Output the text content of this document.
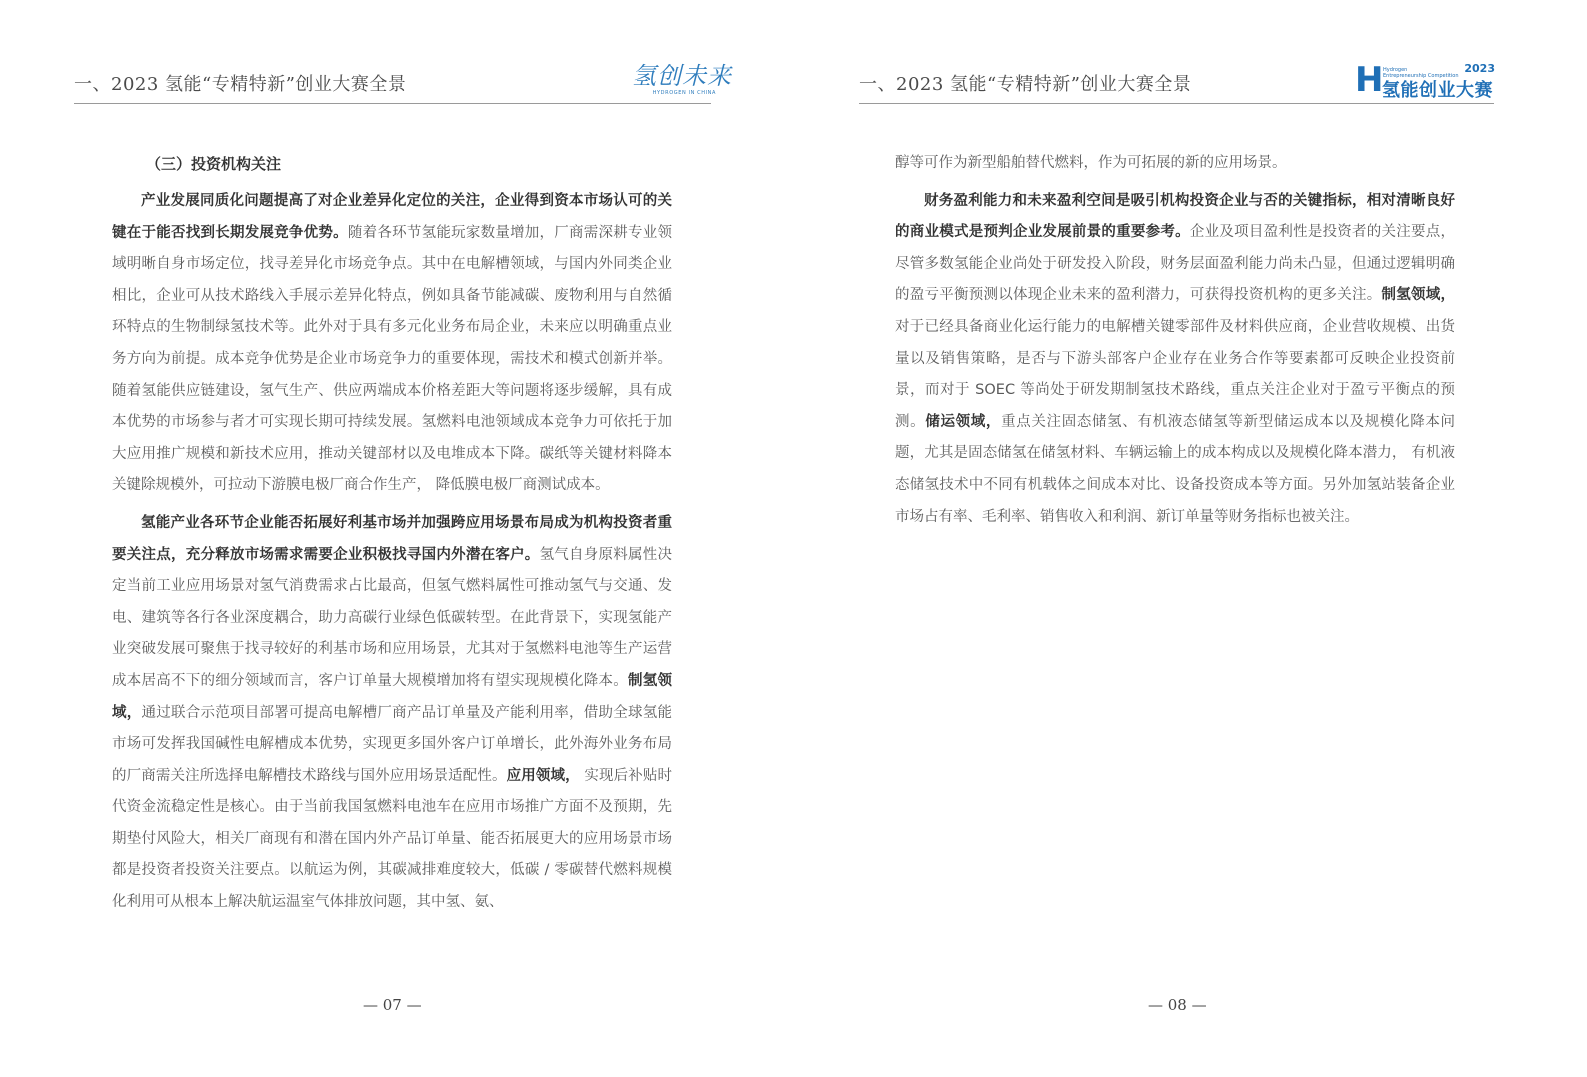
一、2023 氢能“专精特新”创业大赛全景	氢创未来
HYDROGEN IN CHINA
（三）投资机构关注

产业发展同质化问题提高了对企业差异化定位的关注，企业得到资本市场认可的关键在于能否找到长期发展竞争优势。随着各环节氢能玩家数量增加，厂商需深耕专业领域明晰自身市场定位，找寻差异化市场竞争点。其中在电解槽领域，与国内外同类企业相比，企业可从技术路线入手展示差异化特点，例如具备节能减碳、废物利用与自然循环特点的生物制绿氢技术等。此外对于具有多元化业务布局企业，未来应以明确重点业务方向为前提。成本竞争优势是企业市场竞争力的重要体现，需技术和模式创新并举。随着氢能供应链建设，氢气生产、供应两端成本价格差距大等问题将逐步缓解，具有成本优势的市场参与者才可实现长期可持续发展。氢燃料电池领域成本竞争力可依托于加大应用推广规模和新技术应用，推动关键部材以及电堆成本下降。碳纸等关键材料降本关键除规模外，可拉动下游膜电极厂商合作生产， 降低膜电极厂商测试成本。

氢能产业各环节企业能否拓展好利基市场并加强跨应用场景布局成为机构投资者重要关注点，充分释放市场需求需要企业积极找寻国内外潜在客户。氢气自身原料属性决定当前工业应用场景对氢气消费需求占比最高，但氢气燃料属性可推动氢气与交通、发电、建筑等各行各业深度耦合，助力高碳行业绿色低碳转型。在此背景下，实现氢能产业突破发展可聚焦于找寻较好的利基市场和应用场景，尤其对于氢燃料电池等生产运营成本居高不下的细分领域而言，客户订单量大规模增加将有望实现规模化降本。制氢领域，通过联合示范项目部署可提高电解槽厂商产品订单量及产能利用率，借助全球氢能市场可发挥我国碱性电解槽成本优势，实现更多国外客户订单增长，此外海外业务布局的厂商需关注所选择电解槽技术路线与国外应用场景适配性。应用领域， 实现后补贴时代资金流稳定性是核心。由于当前我国氢燃料电池车在应用市场推广方面不及预期，先期垫付风险大，相关厂商现有和潜在国内外产品订单量、能否拓展更大的应用场景市场都是投资者投资关注要点。以航运为例，其碳减排难度较大，低碳 / 零碳替代燃料规模化利用可从根本上解决航运温室气体排放问题，其中氢、氨、

— 07 —
一、2023 氢能“专精特新”创业大赛全景	H Hydrogen
Entrepreneurship Competition
2023
氢能创业大赛

醇等可作为新型船舶替代燃料，作为可拓展的新的应用场景。

财务盈利能力和未来盈利空间是吸引机构投资企业与否的关键指标，相对清晰良好的商业模式是预判企业发展前景的重要参考。企业及项目盈利性是投资者的关注要点，尽管多数氢能企业尚处于研发投入阶段，财务层面盈利能力尚未凸显，但通过逻辑明确的盈亏平衡预测以体现企业未来的盈利潜力，可获得投资机构的更多关注。制氢领域，对于已经具备商业化运行能力的电解槽关键零部件及材料供应商，企业营收规模、出货量以及销售策略，是否与下游头部客户企业存在业务合作等要素都可反映企业投资前景，而对于 SOEC 等尚处于研发期制氢技术路线，重点关注企业对于盈亏平衡点的预测。储运领域，重点关注固态储氢、有机液态储氢等新型储运成本以及规模化降本问题，尤其是固态储氢在储氢材料、车辆运输上的成本构成以及规模化降本潜力， 有机液态储氢技术中不同有机载体之间成本对比、设备投资成本等方面。另外加氢站装备企业市场占有率、毛利率、销售收入和利润、新订单量等财务指标也被关注。

— 08 —
